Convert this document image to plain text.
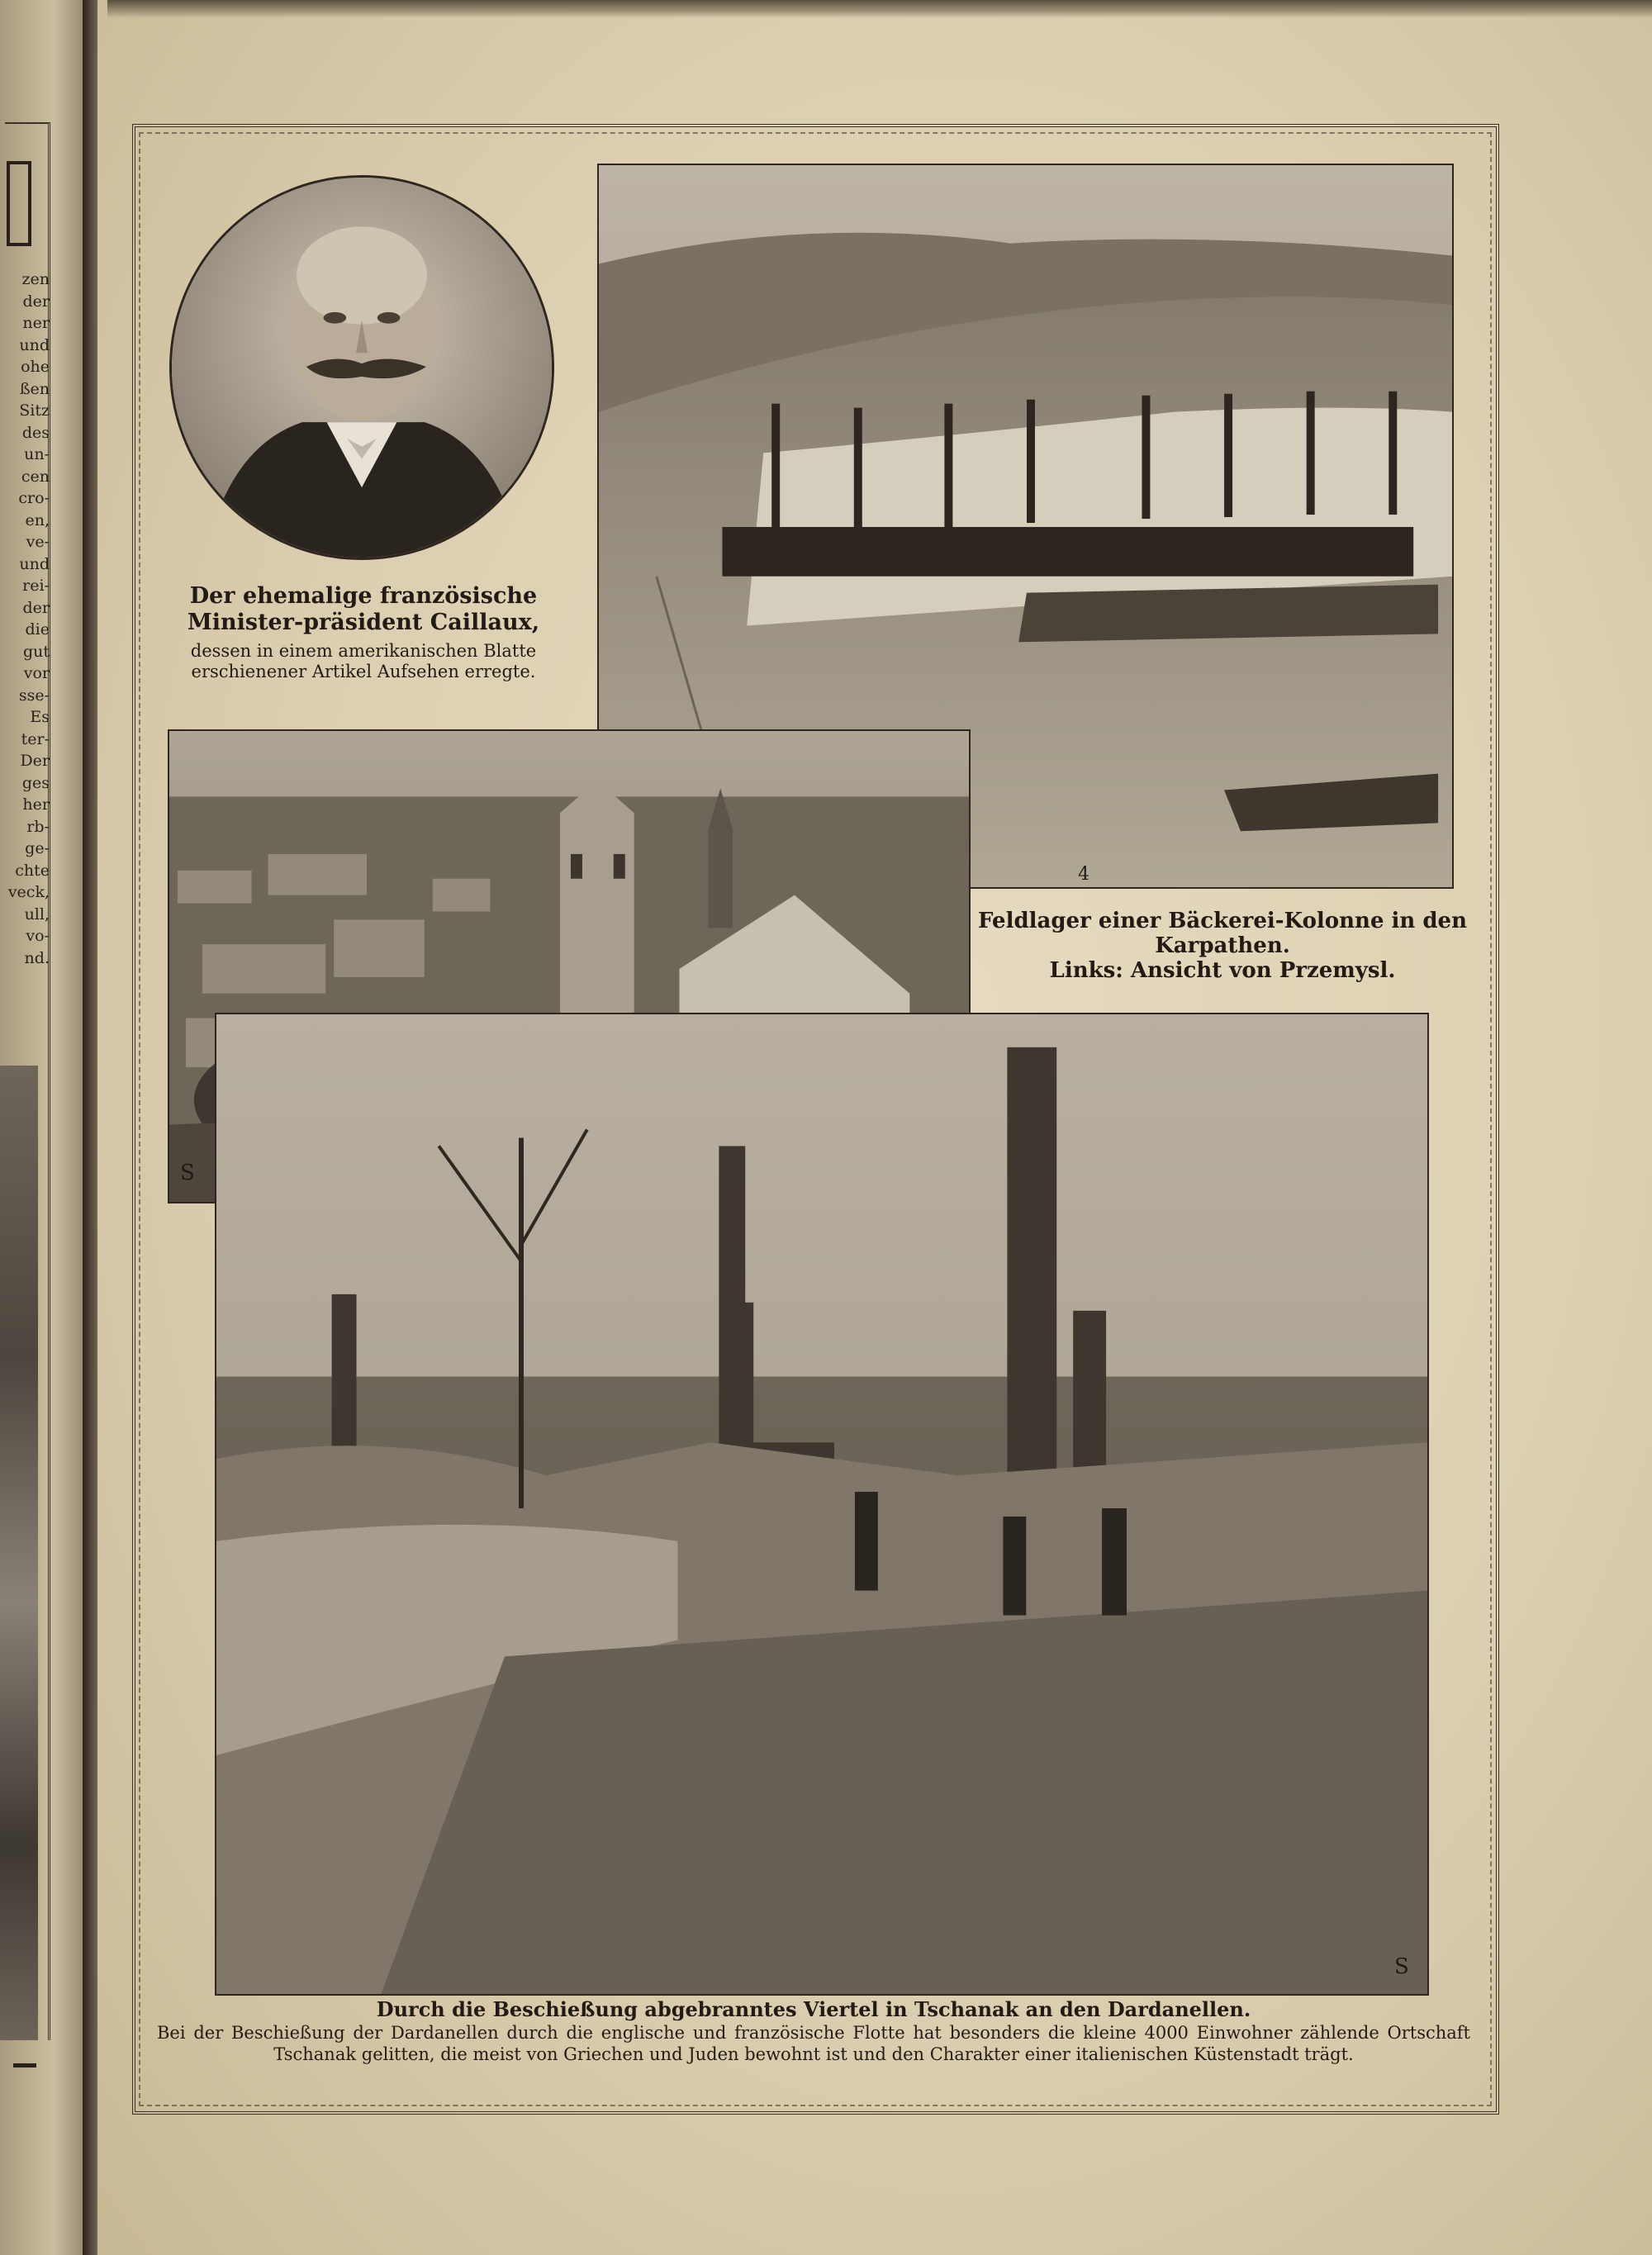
zen
der
ner
und
ohe
ßen
Sitz
des
un-
cen
cro-
en,
ve-
und
rei-
der
die
gut
vor
sse-
Es
ter-
Der
ges
her
rb-
ge-
chte
veck,
ull,
vo-
nd.
Der ehemalige französische Minister-präsident Caillaux,
dessen in einem amerikanischen Blatte erschienener Artikel Aufsehen erregte.
4
Feldlager einer Bäckerei-Kolonne in den Karpathen.
Links: Ansicht von Przemysl.
S
S
Durch die Beschießung abgebranntes Viertel in Tschanak an den Dardanellen.
Bei der Beschießung der Dardanellen durch die englische und französische Flotte hat besonders die kleine 4000 Einwohner zählende Ortschaft Tschanak gelitten, die meist von Griechen und Juden bewohnt ist und den Charakter einer italienischen Küstenstadt trägt.
